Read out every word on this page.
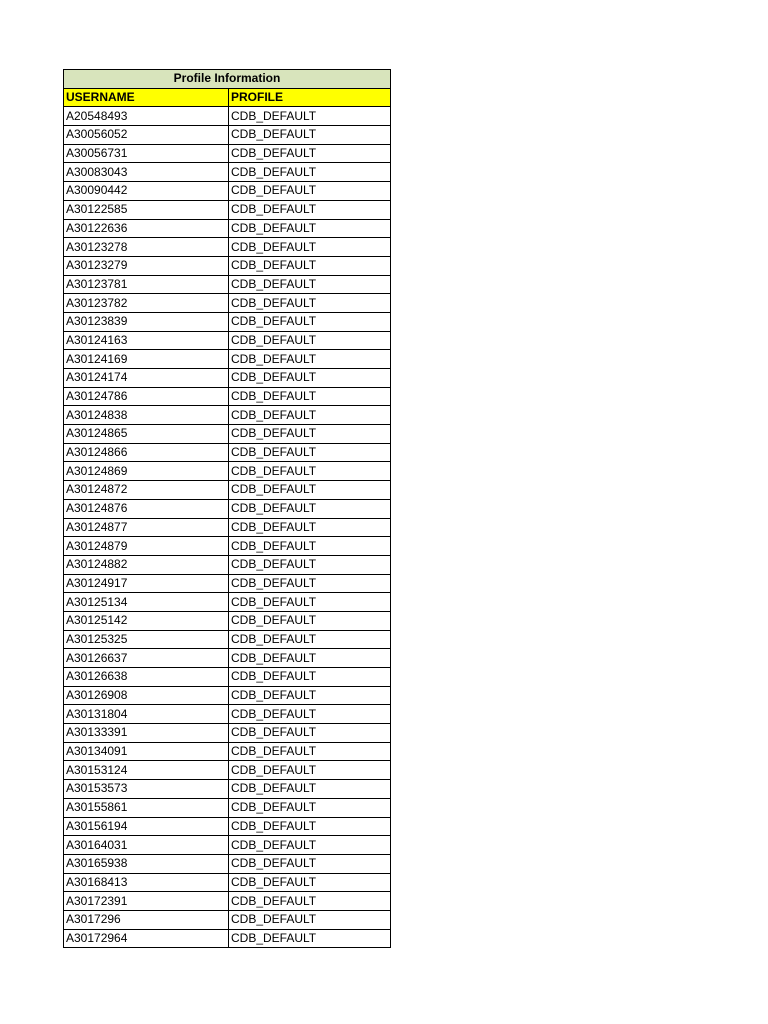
Profile Information	
USERNAME	PROFILE
A20548493	CDB_DEFAULT
A30056052	CDB_DEFAULT
A30056731	CDB_DEFAULT
A30083043	CDB_DEFAULT
A30090442	CDB_DEFAULT
A30122585	CDB_DEFAULT
A30122636	CDB_DEFAULT
A30123278	CDB_DEFAULT
A30123279	CDB_DEFAULT
A30123781	CDB_DEFAULT
A30123782	CDB_DEFAULT
A30123839	CDB_DEFAULT
A30124163	CDB_DEFAULT
A30124169	CDB_DEFAULT
A30124174	CDB_DEFAULT
A30124786	CDB_DEFAULT
A30124838	CDB_DEFAULT
A30124865	CDB_DEFAULT
A30124866	CDB_DEFAULT
A30124869	CDB_DEFAULT
A30124872	CDB_DEFAULT
A30124876	CDB_DEFAULT
A30124877	CDB_DEFAULT
A30124879	CDB_DEFAULT
A30124882	CDB_DEFAULT
A30124917	CDB_DEFAULT
A30125134	CDB_DEFAULT
A30125142	CDB_DEFAULT
A30125325	CDB_DEFAULT
A30126637	CDB_DEFAULT
A30126638	CDB_DEFAULT
A30126908	CDB_DEFAULT
A30131804	CDB_DEFAULT
A30133391	CDB_DEFAULT
A30134091	CDB_DEFAULT
A30153124	CDB_DEFAULT
A30153573	CDB_DEFAULT
A30155861	CDB_DEFAULT
A30156194	CDB_DEFAULT
A30164031	CDB_DEFAULT
A30165938	CDB_DEFAULT
A30168413	CDB_DEFAULT
A30172391	CDB_DEFAULT
A3017296	CDB_DEFAULT
A30172964	CDB_DEFAULT
